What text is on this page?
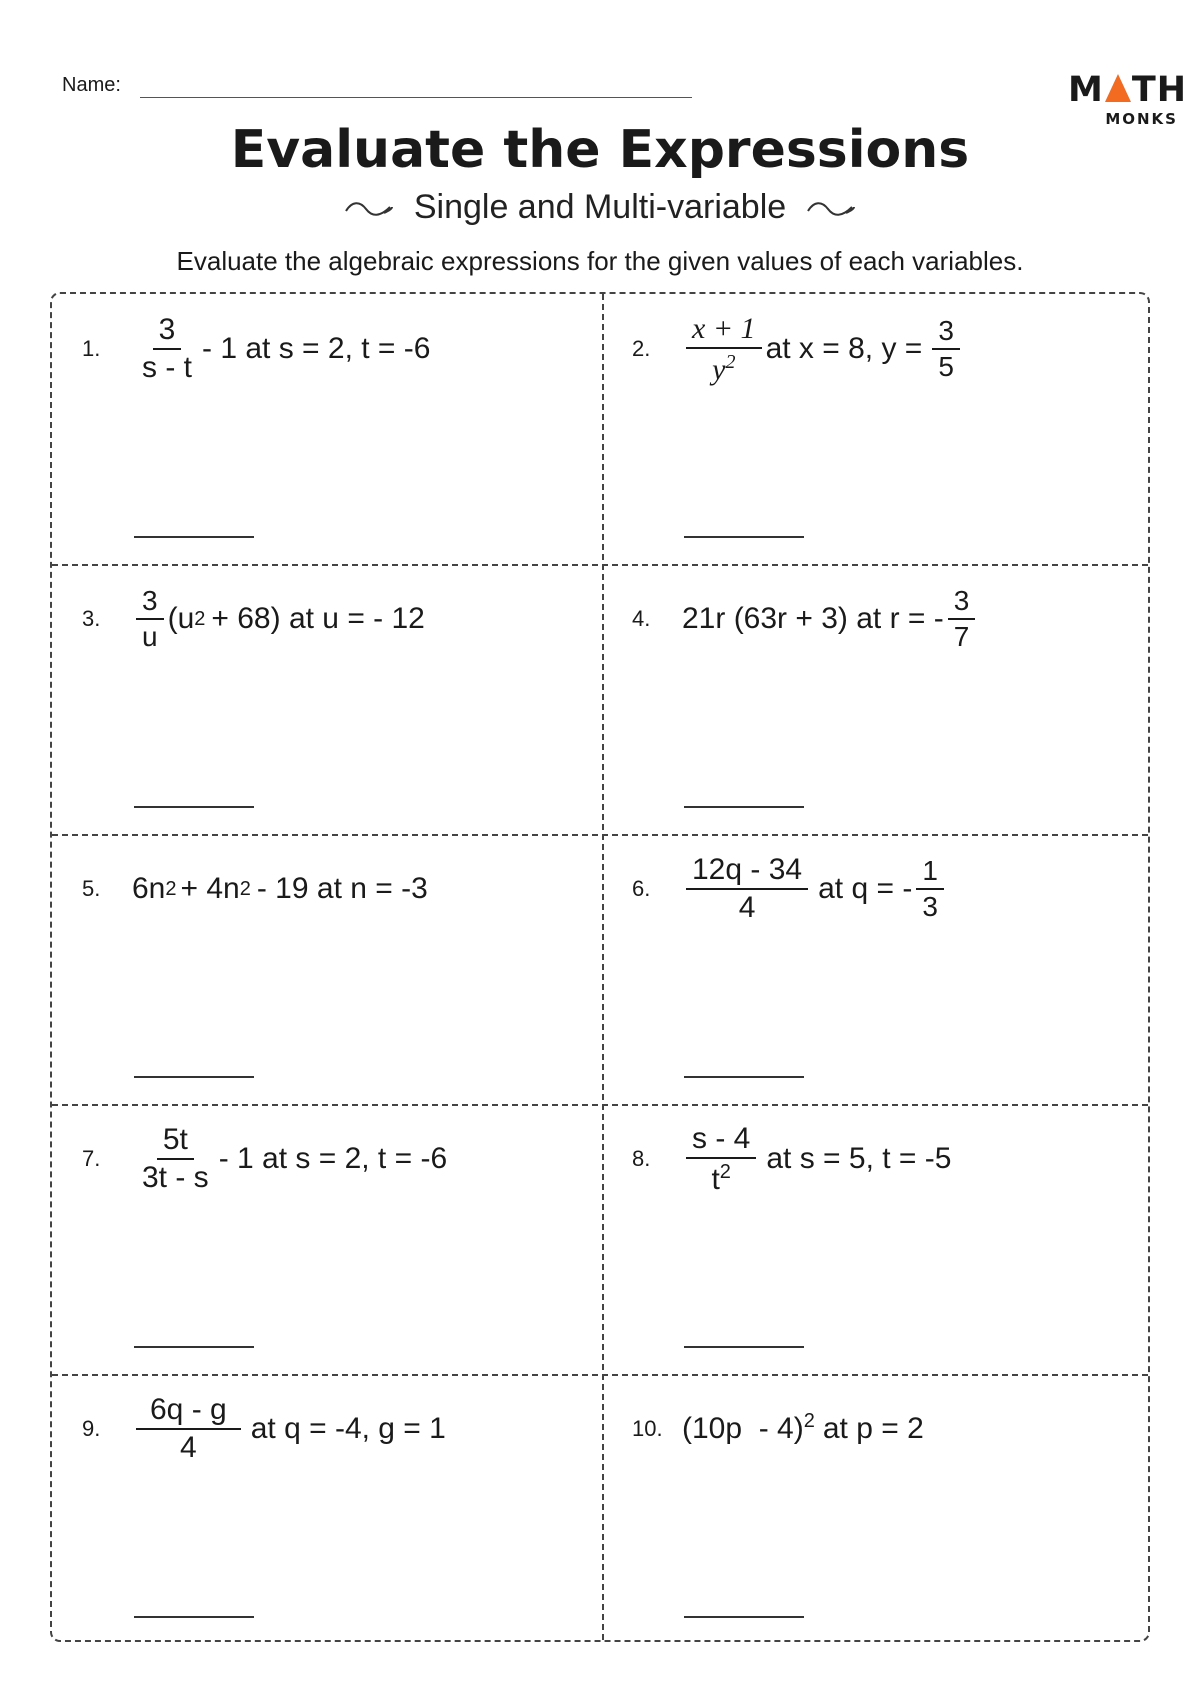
Name:	M TH
MONKS
Evaluate the Expressions
Single and Multi-variable
Evaluate the algebraic expressions for the given values of each variables.
1. $\frac{3}{s - t} - 1$ at s = 2, t = -6	2. $\frac{x + 1}{y^2}$ at x = 8, $y = \frac{3}{5}$
3. $\frac{3}{u} (u$ 2 + 68) at u = - 12	4. 21r (63r + 3) at r = - $\frac{3}{7}$
5. 6n 2 + 4n 2 - 19 at n = -3	6. $\frac{12q - 34}{4}$ at q = - $\frac{1}{3}$
7. $\frac{5t}{3t - s} - 1$ at s = 2, t = -6	8. $\frac{s - 4}{t^2}$ at s = 5, t = -5
9. $\frac{6q - g}{4}$ at q = -4, g = 1	10. (10p  - 4)$^2$ at p = 2
